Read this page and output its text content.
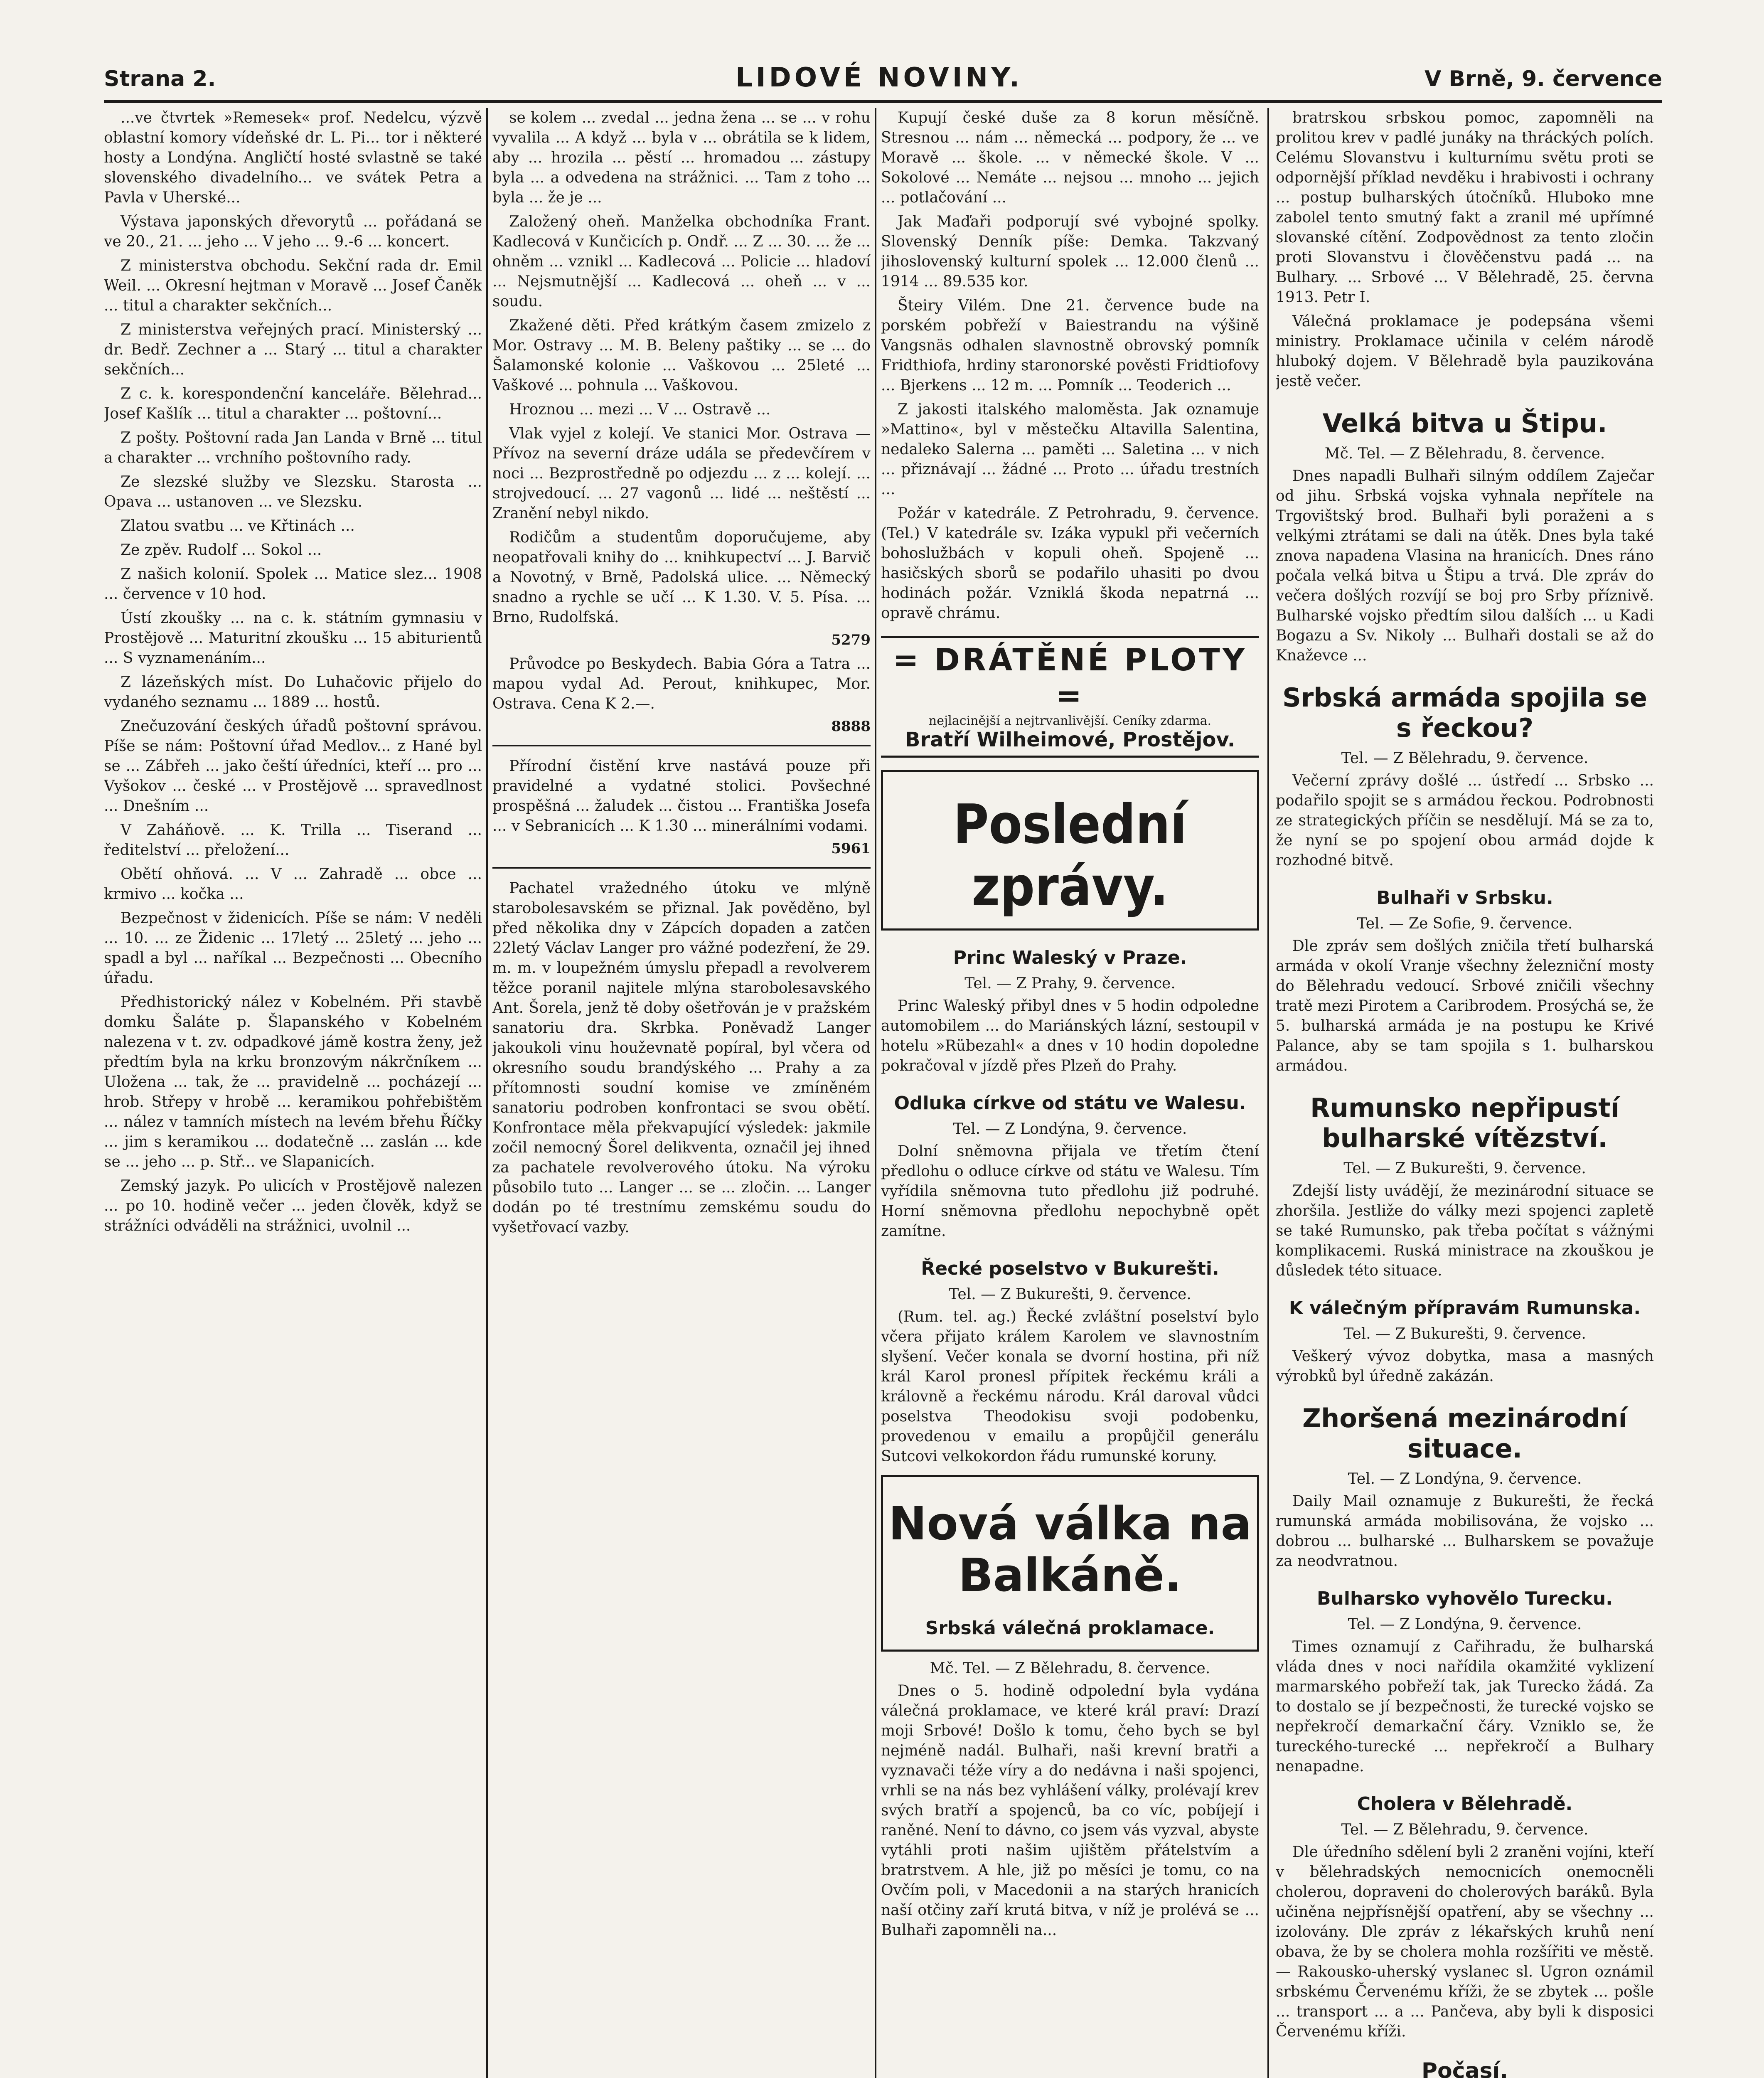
Strana 2.	LIDOVÉ NOVINY.	V Brně, 9. července

...ve čtvrtek »Remesek« prof. Nedelcu, výzvě oblastní komory vídeňské dr. L. Pi... tor i některé hosty a Londýna. Angličtí hosté svlastně se také slovenského divadelního... ve svátek Petra a Pavla v Uherské...

Výstava japonských dřevorytů ... pořádaná se ve 20., 21. ... jeho ... V jeho ... 9.-6 ... koncert.

Z ministerstva obchodu. Sekční rada dr. Emil Weil. ... Okresní hejtman v Moravě ... Josef Čaněk ... titul a charakter sekčních...

Z ministerstva veřejných prací. Ministerský ... dr. Bedř. Zechner a ... Starý ... titul a charakter sekčních...

Z c. k. korespondenční kanceláře. Bělehrad... Josef Kašlík ... titul a charakter ... poštovní...

Z pošty. Poštovní rada Jan Landa v Brně ... titul a charakter ... vrchního poštovního rady.

Ze slezské služby ve Slezsku. Starosta ... Opava ... ustanoven ... ve Slezsku.

Zlatou svatbu ... ve Křtinách ...

Ze zpěv. Rudolf ... Sokol ...

Z našich kolonií. Spolek ... Matice slez... 1908 ... července v 10 hod.

Ústí zkoušky ... na c. k. státním gymnasiu v Prostějově ... Maturitní zkoušku ... 15 abiturientů ... S vyznamenáním...

Z lázeňských míst. Do Luhačovic přijelo do vydaného seznamu ... 1889 ... hostů.

Znečuzování českých úřadů poštovní správou. Píše se nám: Poštovní úřad Medlov... z Hané byl se ... Zábřeh ... jako čeští úředníci, kteří ... pro ... Vyšokov ... české ... v Prostějově ... spravedlnost ... Dnešním ...

V Zaháňově. ... K. Trilla ... Tiserand ... ředitelství ... přeložení...

Obětí ohňová. ... V ... Zahradě ... obce ... krmivo ... kočka ...

Bezpečnost v židenicích. Píše se nám: V neděli ... 10. ... ze Židenic ... 17letý ... 25letý ... jeho ... spadl a byl ... naříkal ... Bezpečnosti ... Obecního úřadu.

Předhistorický nález v Kobelném. Při stavbě domku Šaláte p. Šlapanského v Kobelném nalezena v t. zv. odpadkové jámě kostra ženy, jež předtím byla na krku bronzovým nákrčníkem ... Uložena ... tak, že ... pravidelně ... pocházejí ... hrob. Střepy v hrobě ... keramikou pohřebištěm ... nález v tamních místech na levém břehu Říčky ... jim s keramikou ... dodatečně ... zaslán ... kde se ... jeho ... p. Stř... ve Slapanicích.

Zemský jazyk. Po ulicích v Prostějově nalezen ... po 10. hodině večer ... jeden člověk, když se strážníci odváděli na strážnici, uvolnil ...

se kolem ... zvedal ... jedna žena ... se ... v rohu vyvalila ... A když ... byla v ... obrátila se k lidem, aby ... hrozila ... pěstí ... hromadou ... zástupy byla ... a odvedena na strážnici. ... Tam z toho ... byla ... že je ...

Založený oheň. Manželka obchodníka Frant. Kadlecová v Kunčicích p. Ondř. ... Z ... 30. ... že ... ohněm ... vznikl ... Kadlecová ... Policie ... hladoví ... Nejsmutnější ... Kadlecová ... oheň ... v ... soudu.

Zkažené děti. Před krátkým časem zmizelo z Mor. Ostravy ... M. B. Beleny paštiky ... se ... do Šalamonské kolonie ... Vaškovou ... 25leté ... Vaškové ... pohnula ... Vaškovou.

Hroznou ... mezi ... V ... Ostravě ...

Vlak vyjel z kolejí. Ve stanici Mor. Ostrava — Přívoz na severní dráze udála se předevčírem v noci ... Bezprostředně po odjezdu ... z ... kolejí. ... strojvedoucí. ... 27 vagonů ... lidé ... neštěstí ... Zranění nebyl nikdo.

Rodičům a studentům doporučujeme, aby neopatřovali knihy do ... knihkupectví ... J. Barvič a Novotný, v Brně, Padolská ulice. ... Německý snadno a rychle se učí ... K 1.30. V. 5. Písa. ... Brno, Rudolfská.

5279

Průvodce po Beskydech. Babia Góra a Tatra ... mapou vydal Ad. Perout, knihkupec, Mor. Ostrava. Cena K 2.—.

8888

Přírodní čistění krve nastává pouze při pravidelné a vydatné stolici. Povšechné prospěšná ... žaludek ... čistou ... Františka Josefa ... v Sebranicích ... K 1.30 ... minerálními vodami.

5961

Pachatel vražedného útoku ve mlýně starobolesavském se přiznal. Jak pověděno, byl před několika dny v Zápcích dopaden a zatčen 22letý Václav Langer pro vážné podezření, že 29. m. m. v loupežném úmyslu přepadl a revolverem těžce poranil najitele mlýna starobolesavského Ant. Šorela, jenž tě doby ošetřován je v pražském sanatoriu dra. Skrbka. Poněvadž Langer jakoukoli vinu houževnatě popíral, byl včera od okresního soudu brandýského ... Prahy a za přítomnosti soudní komise ve zmíněném sanatoriu podroben konfrontaci se svou obětí. Konfrontace měla překvapující výsledek: jakmile zočil nemocný Šorel delikventa, označil jej ihned za pachatele revolverového útoku. Na výroku působilo tuto ... Langer ... se ... zločin. ... Langer dodán po té trestnímu zemskému soudu do vyšetřovací vazby.

Kupují české duše za 8 korun měsíčně. Stresnou ... nám ... německá ... podpory, že ... ve Moravě ... škole. ... v německé škole. V ... Sokolové ... Nemáte ... nejsou ... mnoho ... jejich ... potlačování ...

Jak Maďaři podporují své vybojné spolky. Slovenský Denník píše: Demka. Takzvaný jihoslovenský kulturní spolek ... 12.000 členů ... 1914 ... 89.535 kor.

Šteiry Vilém. Dne 21. července bude na porském pobřeží v Baiestrandu na výšině Vangsnäs odhalen slavnostně obrovský pomník Fridthiofa, hrdiny staronorské pověsti Fridtiofovy ... Bjerkens ... 12 m. ... Pomník ... Teoderich ...

Z jakosti italského maloměsta. Jak oznamuje »Mattino«, byl v městečku Altavilla Salentina, nedaleko Salerna ... paměti ... Saletina ... v nich ... přiznávají ... žádné ... Proto ... úřadu trestních ...

Požár v katedrále. Z Petrohradu, 9. července. (Tel.) V katedrále sv. Izáka vypukl při večerních bohoslužbách v kopuli oheň. Spojeně ... hasičských sborů se podařilo uhasiti po dvou hodinách požár. Vzniklá škoda nepatrná ... opravě chrámu.

= DRÁTĚNÉ PLOTY =
nejlacinější a nejtrvanlivější. Ceníky zdarma.
Bratří Wilheimové, Prostějov.
Poslední zprávy.
Princ Waleský v Praze.
Tel. — Z Prahy, 9. července.

Princ Waleský přibyl dnes v 5 hodin odpoledne automobilem ... do Mariánských lázní, sestoupil v hotelu »Rübezahl« a dnes v 10 hodin dopoledne pokračoval v jízdě přes Plzeň do Prahy.

Odluka církve od státu ve Walesu.
Tel. — Z Londýna, 9. července.

Dolní sněmovna přijala ve třetím čtení předlohu o odluce církve od státu ve Walesu. Tím vyřídila sněmovna tuto předlohu již podruhé. Horní sněmovna předlohu nepochybně opět zamítne.

Řecké poselstvo v Bukurešti.
Tel. — Z Bukurešti, 9. července.

(Rum. tel. ag.) Řecké zvláštní poselství bylo včera přijato králem Karolem ve slavnostním slyšení. Večer konala se dvorní hostina, při níž král Karol pronesl přípitek řeckému králi a královně a řeckému národu. Král daroval vůdci poselstva Theodokisu svoji podobenku, provedenou v emailu a propůjčil generálu Sutcovi velkokordon řádu rumunské koruny.

Nová válka na Balkáně.
Srbská válečná proklamace.
Mč. Tel. — Z Bělehradu, 8. července.

Dnes o 5. hodině odpolední byla vydána válečná proklamace, ve které král praví: Drazí moji Srbové! Došlo k tomu, čeho bych se byl nejméně nadál. Bulhaři, naši krevní bratři a vyznavači téže víry a do nedávna i naši spojenci, vrhli se na nás bez vyhlášení války, prolévají krev svých bratří a spojenců, ba co víc, pobíjejí i raněné. Není to dávno, co jsem vás vyzval, abyste vytáhli proti našim ujištěm přátelstvím a bratrstvem. A hle, již po měsíci je tomu, co na Ovčím poli, v Macedonii a na starých hranicích naší otčiny zaří krutá bitva, v níž je prolévá se ... Bulhaři zapomněli na...

bratrskou srbskou pomoc, zapomněli na prolitou krev v padlé junáky na thráckých polích. Celému Slovanstvu i kulturnímu světu proti se odpornější příklad nevděku i hrabivosti i ochrany ... postup bulharských útočníků. Hluboko mne zabolel tento smutný fakt a zranil mé upřímné slovanské cítění. Zodpovědnost za tento zločin proti Slovanstvu i člověčenstvu padá ... na Bulhary. ... Srbové ... V Bělehradě, 25. června 1913. Petr I.

Válečná proklamace je podepsána všemi ministry. Proklamace učinila v celém národě hluboký dojem. V Bělehradě byla pauzikována jestě večer.

Velká bitva u Štipu.
Mč. Tel. — Z Bělehradu, 8. července.

Dnes napadli Bulhaři silným oddílem Zaječar od jihu. Srbská vojska vyhnala nepřítele na Trgovištský brod. Bulhaři byli poraženi a s velkými ztrátami se dali na útěk. Dnes byla také znova napadena Vlasina na hranicích. Dnes ráno počala velká bitva u Štipu a trvá. Dle zpráv do večera došlých rozvíjí se boj pro Srby příznivě. Bulharské vojsko předtím silou dalších ... u Kadi Bogazu a Sv. Nikoly ... Bulhaři dostali se až do Knaževce ...

Srbská armáda spojila se s řeckou?
Tel. — Z Bělehradu, 9. července.

Večerní zprávy došlé ... ústředí ... Srbsko ... podařilo spojit se s armádou řeckou. Podrobnosti ze strategických příčin se nesdělují. Má se za to, že nyní se po spojení obou armád dojde k rozhodné bitvě.

Bulhaři v Srbsku.
Tel. — Ze Sofie, 9. července.

Dle zpráv sem došlých zničila třetí bulharská armáda v okolí Vranje všechny železniční mosty do Bělehradu vedoucí. Srbové zničili všechny tratě mezi Pirotem a Caribrodem. Prosýchá se, že 5. bulharská armáda je na postupu ke Krivé Palance, aby se tam spojila s 1. bulharskou armádou.

Rumunsko nepřipustí bulharské vítězství.
Tel. — Z Bukurešti, 9. července.

Zdejší listy uvádějí, že mezinárodní situace se zhoršila. Jestliže do války mezi spojenci zapletě se také Rumunsko, pak třeba počítat s vážnými komplikacemi. Ruská ministrace na zkouškou je důsledek této situace.

K válečným přípravám Rumunska.
Tel. — Z Bukurešti, 9. července.

Veškerý vývoz dobytka, masa a masných výrobků byl úředně zakázán.

Zhoršená mezinárodní situace.
Tel. — Z Londýna, 9. července.

Daily Mail oznamuje z Bukurešti, že řecká rumunská armáda mobilisována, že vojsko ... dobrou ... bulharské ... Bulharskem se považuje za neodvratnou.

Bulharsko vyhovělo Turecku.
Tel. — Z Londýna, 9. července.

Times oznamují z Cařihradu, že bulharská vláda dnes v noci nařídila okamžité vyklizení marmarského pobřeží tak, jak Turecko žádá. Za to dostalo se jí bezpečnosti, že turecké vojsko se nepřekročí demarkační čáry. Vzniklo se, že tureckého-turecké ... nepřekročí a Bulhary nenapadne.

Cholera v Bělehradě.
Tel. — Z Bělehradu, 9. července.

Dle úředního sdělení byli 2 zraněni vojíni, kteří v bělehradských nemocnicích onemocněli cholerou, dopraveni do cholerových baráků. Byla učiněna nejpřísnější opatření, aby se všechny ... izolovány. Dle zpráv z lékařských kruhů není obava, že by se cholera mohla rozšířiti ve městě. — Rakousko-uherský vyslanec sl. Ugron oznámil srbskému Červenému kříži, že se zbytek ... pošle ... transport ... a ... Pančeva, aby byli k disposici Červenému kříži.

Počasí.
